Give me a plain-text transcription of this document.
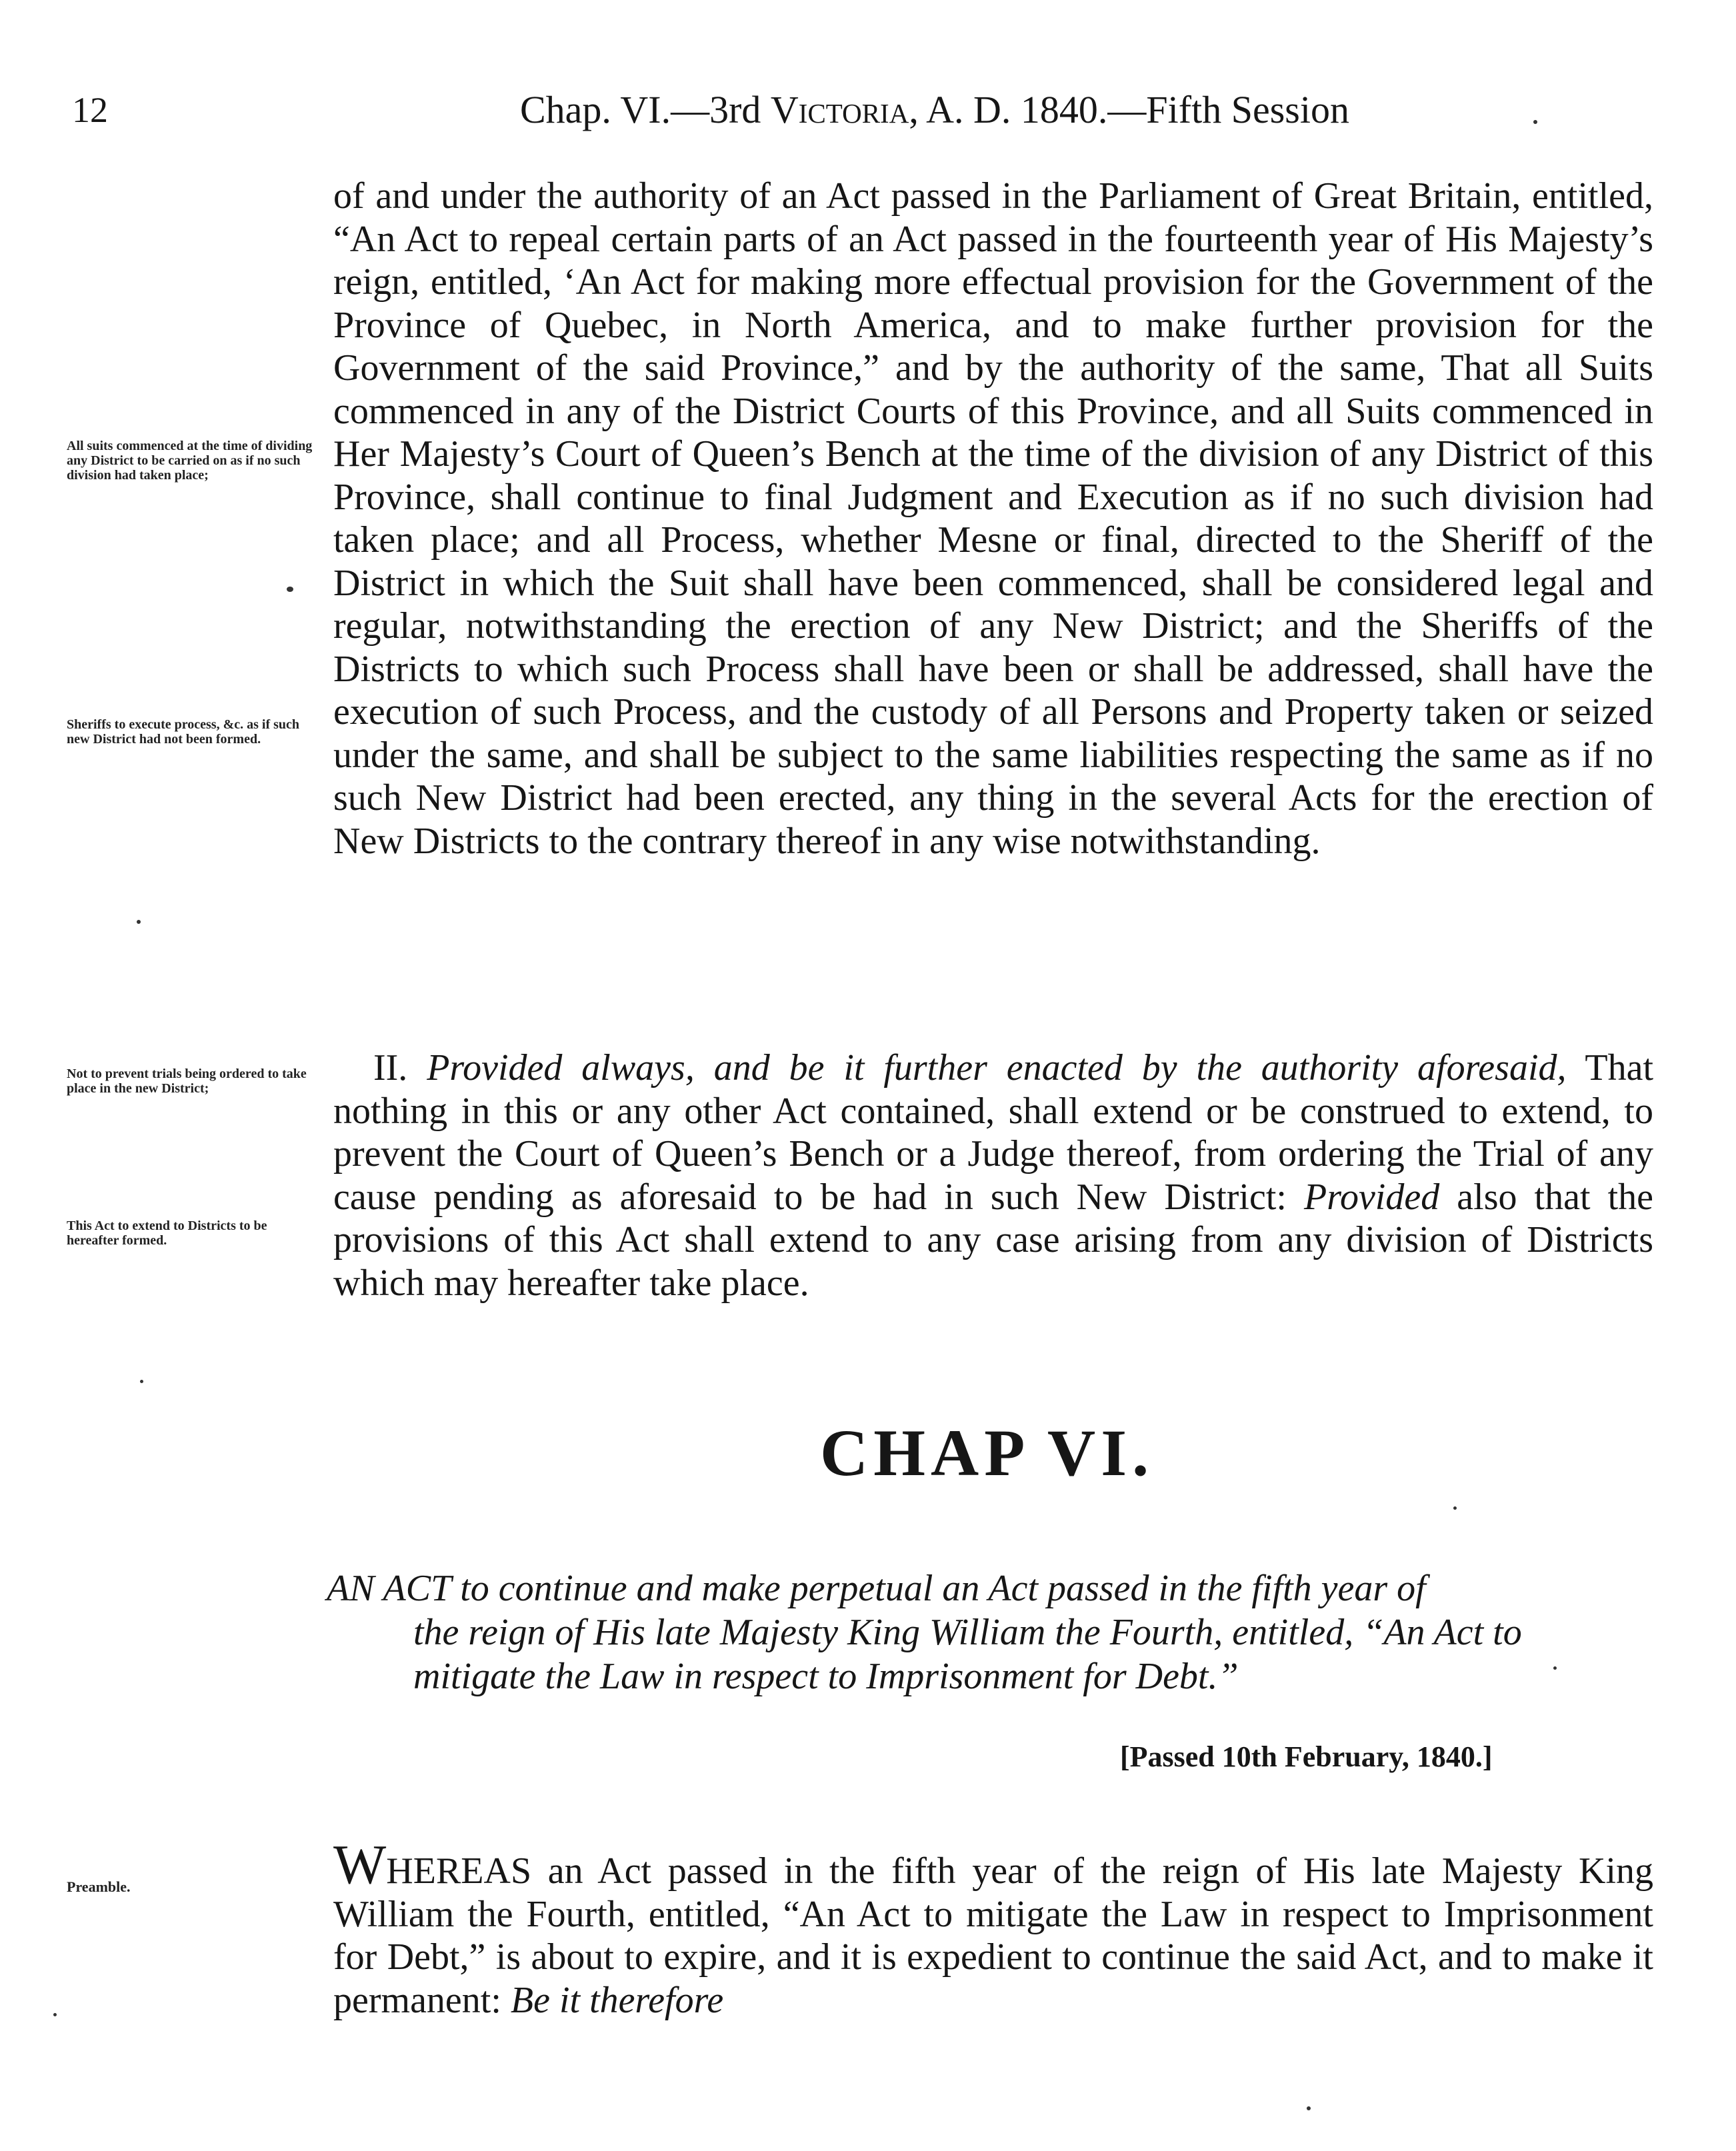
12	Chap. VI.—3rd Victoria, A. D. 1840.—Fifth Session

All suits commenced at the time of dividing any District to be carried on as if no such division had taken place;

Sheriffs to execute process, &c. as if such new District had not been formed.

Not to prevent trials being ordered to take place in the new District;

This Act to extend to Districts to be hereafter formed.

Preamble.

of and under the authority of an Act passed in the Parliament of Great Britain, entitled, “An Act to repeal certain parts of an Act passed in the fourteenth year of His Majesty’s reign, entitled, ‘An Act for making more effectual provision for the Government of the Province of Quebec, in North America, and to make further provision for the Government of the said Province,” and by the authority of the same, That all Suits commenced in any of the District Courts of this Province, and all Suits commenced in Her Majesty’s Court of Queen’s Bench at the time of the division of any District of this Province, shall continue to final Judgment and Execution as if no such division had taken place; and all Process, whether Mesne or final, directed to the Sheriff of the District in which the Suit shall have been commenced, shall be considered legal and regular, notwithstanding the erection of any New District; and the Sheriffs of the Districts to which such Process shall have been or shall be addressed, shall have the execution of such Process, and the custody of all Persons and Property taken or seized under the same, and shall be subject to the same liabilities respecting the same as if no such New District had been erected, any thing in the several Acts for the erection of New Districts to the contrary thereof in any wise notwithstanding.

II. Provided always, and be it further enacted by the authority aforesaid, That nothing in this or any other Act contained, shall extend or be construed to extend, to prevent the Court of Queen’s Bench or a Judge thereof, from ordering the Trial of any cause pending as aforesaid to be had in such New District: Provided also that the provisions of this Act shall extend to any case arising from any division of Districts which may hereafter take place.

CHAP VI.

AN ACT to continue and make perpetual an Act passed in the fifth year of
the reign of His late Majesty King William the Fourth, entitled, “An Act to mitigate the Law in respect to Imprisonment for Debt.”

[Passed 10th February, 1840.]

WHEREAS an Act passed in the fifth year of the reign of His late Majesty King William the Fourth, entitled, “An Act to mitigate the Law in respect to Imprisonment for Debt,” is about to expire, and it is expedient to continue the said Act, and to make it permanent: Be it therefore
